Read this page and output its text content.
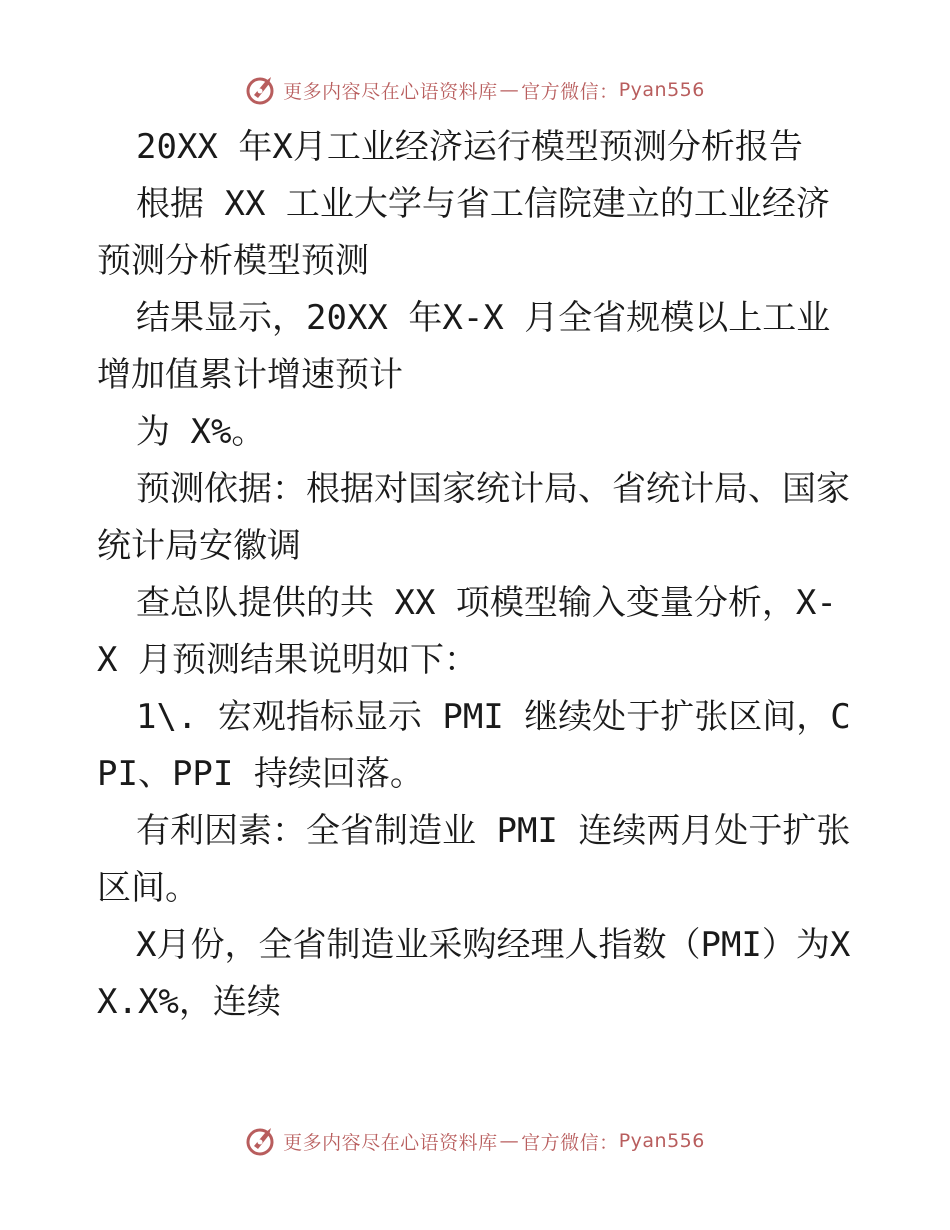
更多内容尽在心语资料库 — 官方微信： Pyan556

20XX 年X月工业经济运行模型预测分析报告

根据 XX 工业大学与省工信院建立的工业经济预测分析模型预测

结果显示，20XX 年X-X 月全省规模以上工业增加值累计增速预计

为 X%。

预测依据：根据对国家统计局、省统计局、国家统计局安徽调

查总队提供的共 XX 项模型输入变量分析，X-X 月预测结果说明如下：

1\. 宏观指标显示 PMI 继续处于扩张区间，CPI、PPI 持续回落。

有利因素：全省制造业 PMI 连续两月处于扩张区间。

X月份，全省制造业采购经理人指数（PMI）为XX.X%，连续

更多内容尽在心语资料库 — 官方微信： Pyan556
